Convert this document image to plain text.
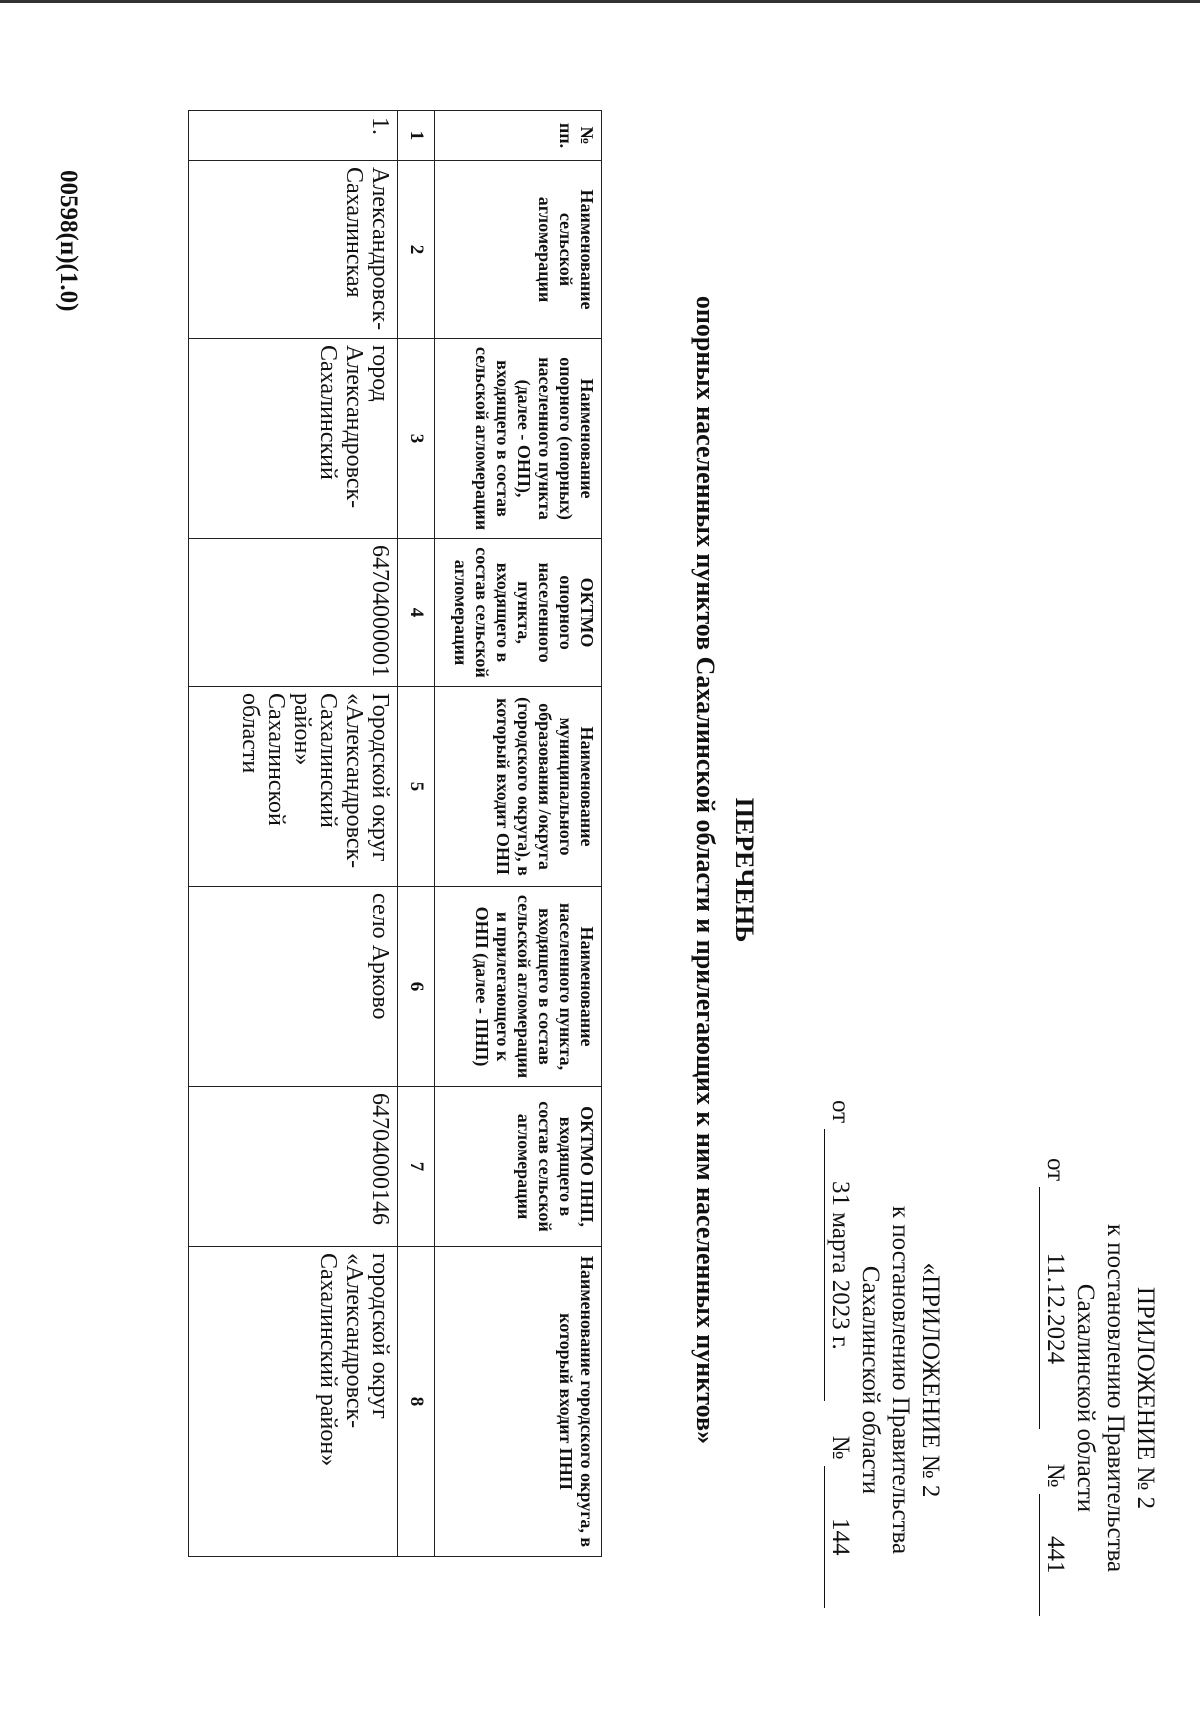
ПРИЛОЖЕНИЕ № 2
к постановлению Правительства
Сахалинской области
от 11.12.2024 № 441
«ПРИЛОЖЕНИЕ № 2
к постановлению Правительства
Сахалинской области
от 31 марта 2023 г. № 144
ПЕРЕЧЕНЬ
опорных населенных пунктов Сахалинской области и прилегающих к ним населенных пунктов»
№ пп.	Наименование сельской агломерации	Наименование опорного (опорных) населенного пункта (далее - ОНП), входящего в состав сельской агломерации	ОКТМО опорного населенного пункта, входящего в состав сельской агломерации	Наименование муниципального образования /округа (городского округа), в который входит ОНП	Наименование населенного пункта, входящего в состав сельской агломерации и прилегающего к ОНП (далее - ПНП)	ОКТМО ПНП, входящего в состав сельской агломерации	Наименование городского округа, в который входит ПНП
1	2	3	4	5	6	7	8
1.	Александровск-Сахалинская	город Александровск-Сахалинский	64704000001	Городской округ «Александровск-Сахалинский район» Сахалинской области	село Арково	64704000146	городской округ «Александровск-Сахалинский район»
00598(п)(1.0)
